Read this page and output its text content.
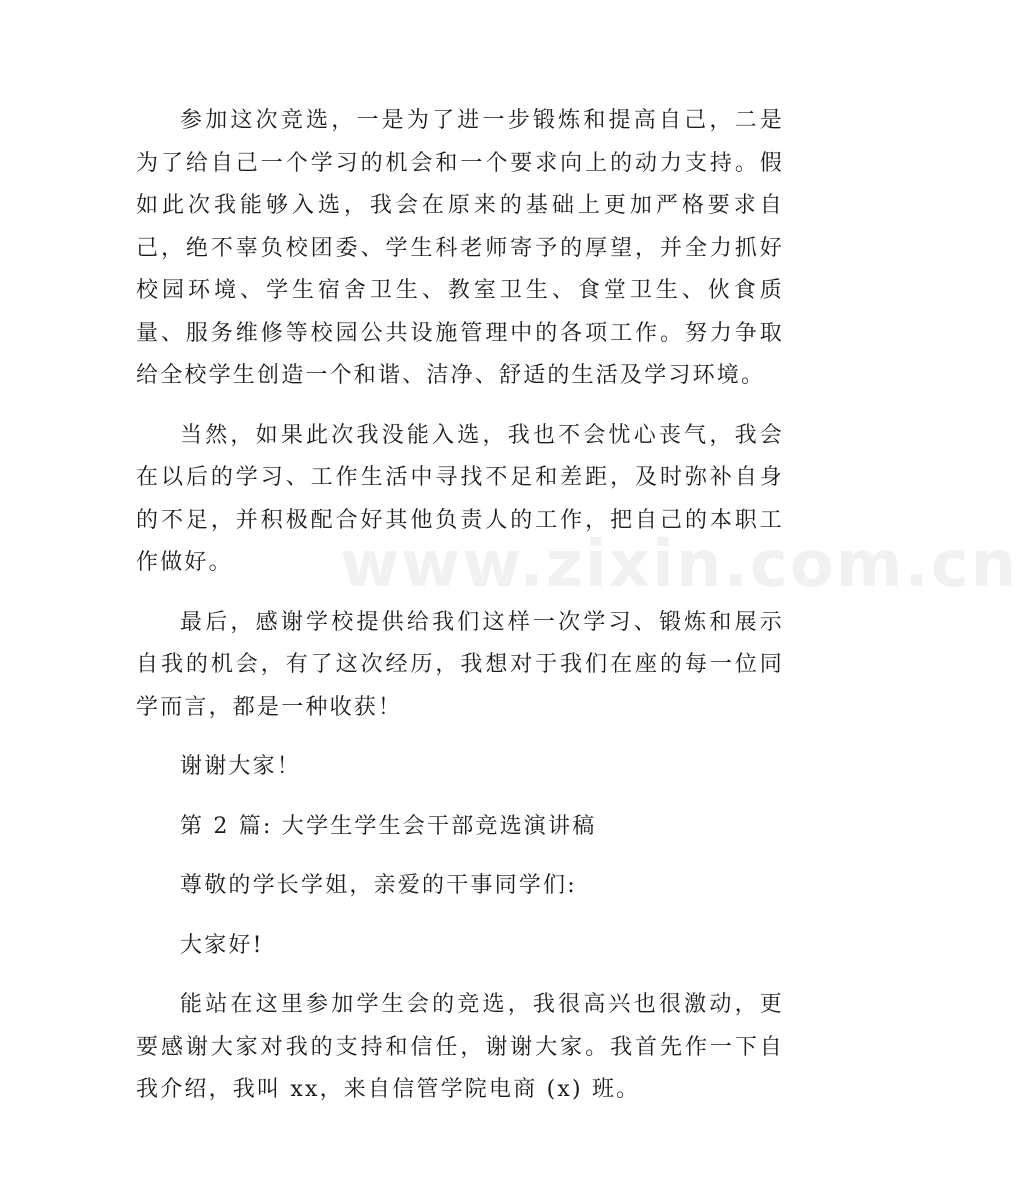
www.zixin.com.cn

参加这次竞选，一是为了进一步锻炼和提高自己，二是为了给自己一个学习的机会和一个要求向上的动力支持。假如此次我能够入选，我会在原来的基础上更加严格要求自己，绝不辜负校团委、学生科老师寄予的厚望，并全力抓好校园环境、学生宿舍卫生、教室卫生、食堂卫生、伙食质量、服务维修等校园公共设施管理中的各项工作。努力争取给全校学生创造一个和谐、洁净、舒适的生活及学习环境。

当然，如果此次我没能入选，我也不会忧心丧气，我会在以后的学习、工作生活中寻找不足和差距，及时弥补自身的不足，并积极配合好其他负责人的工作，把自己的本职工作做好。

最后，感谢学校提供给我们这样一次学习、锻炼和展示自我的机会，有了这次经历，我想对于我们在座的每一位同学而言，都是一种收获！

谢谢大家！

第 2 篇: 大学生学生会干部竞选演讲稿

尊敬的学长学姐，亲爱的干事同学们:

大家好!

能站在这里参加学生会的竞选，我很高兴也很激动，更要感谢大家对我的支持和信任，谢谢大家。我首先作一下自我介绍，我叫 xx，来自信管学院电商 (x) 班。
